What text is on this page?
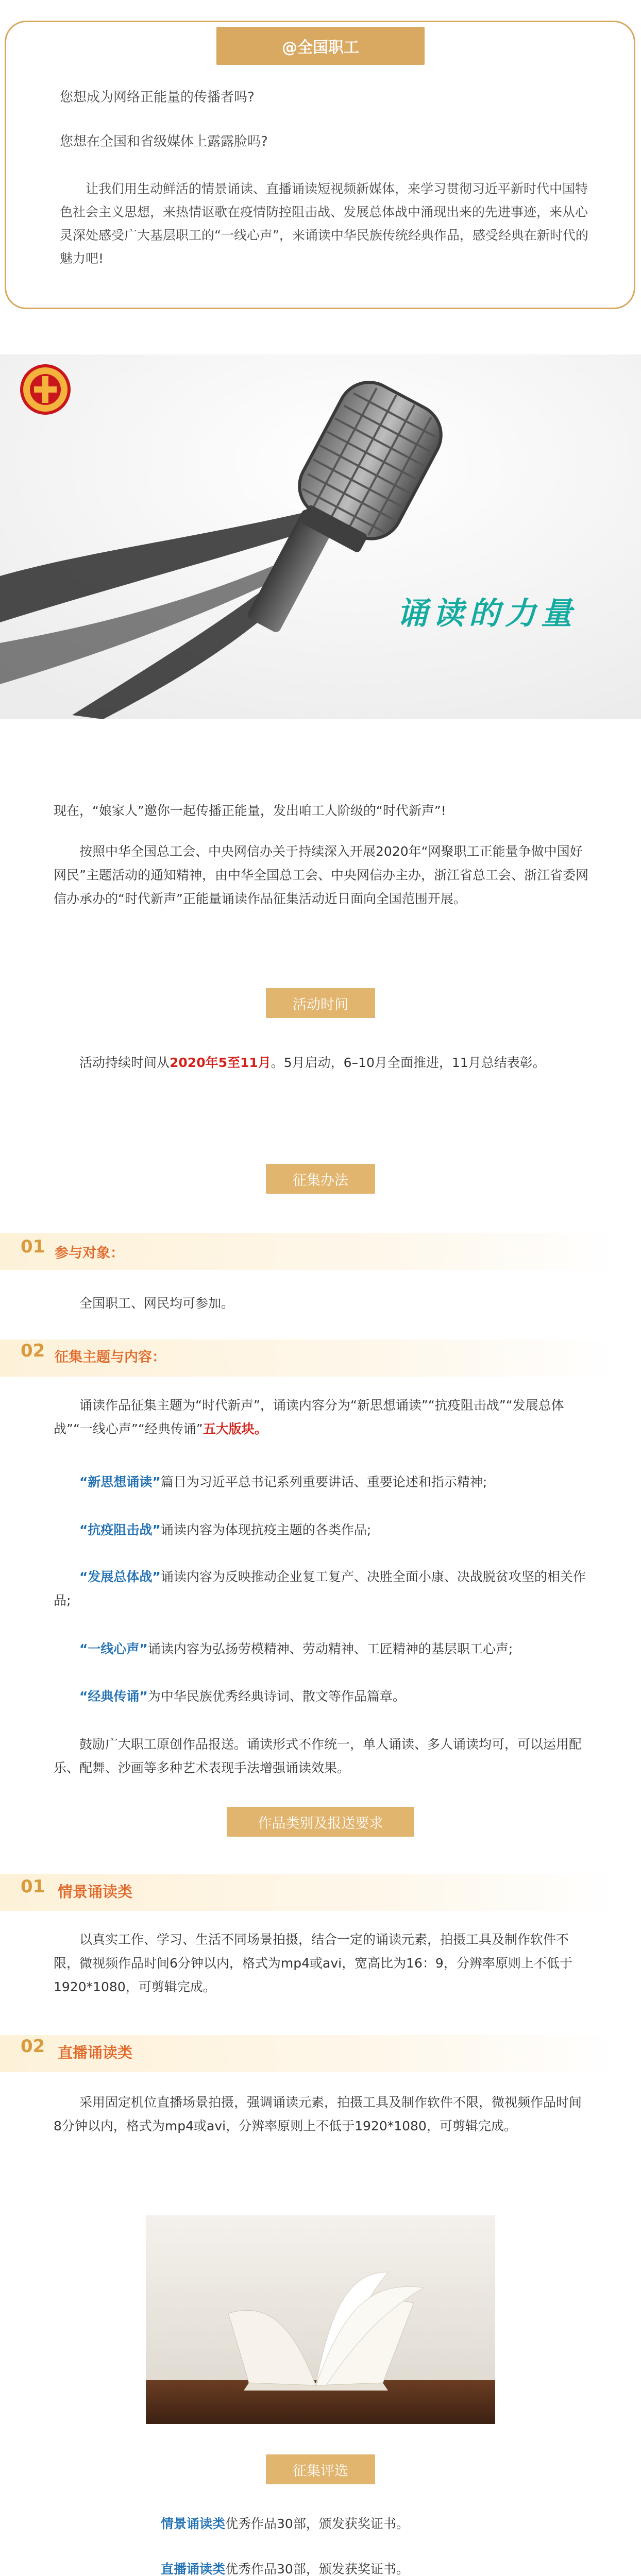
@全国职工
您想成为网络正能量的传播者吗?
您想在全国和省级媒体上露露脸吗?

让我们用生动鲜活的情景诵读、直播诵读短视频新媒体，来学习贯彻习近平新时代中国特色社会主义思想，来热情讴歌在疫情防控阻击战、发展总体战中涌现出来的先进事迹，来从心灵深处感受广大基层职工的“一线心声”，来诵读中华民族传统经典作品，感受经典在新时代的魅力吧!

诵读的力量

现在，“娘家人”邀你一起传播正能量，发出咱工人阶级的“时代新声”!

按照中华全国总工会、中央网信办关于持续深入开展2020年“网聚职工正能量争做中国好网民”主题活动的通知精神，由中华全国总工会、中央网信办主办，浙江省总工会、浙江省委网信办承办的“时代新声”正能量诵读作品征集活动近日面向全国范围开展。

活动时间

活动持续时间从2020年5至11月。5月启动，6–10月全面推进，11月总结表彰。

征集办法
01 参与对象：

全国职工、网民均可参加。

02 征集主题与内容：

诵读作品征集主题为“时代新声”，诵读内容分为“新思想诵读”“抗疫阻击战”“发展总体战”“一线心声”“经典传诵”五大版块。

“新思想诵读”篇目为习近平总书记系列重要讲话、重要论述和指示精神;

“抗疫阻击战”诵读内容为体现抗疫主题的各类作品;

“发展总体战”诵读内容为反映推动企业复工复产、决胜全面小康、决战脱贫攻坚的相关作品;

“一线心声”诵读内容为弘扬劳模精神、劳动精神、工匠精神的基层职工心声;

“经典传诵”为中华民族优秀经典诗词、散文等作品篇章。

鼓励广大职工原创作品报送。诵读形式不作统一，单人诵读、多人诵读均可，可以运用配乐、配舞、沙画等多种艺术表现手法增强诵读效果。

作品类别及报送要求
01 情景诵读类

以真实工作、学习、生活不同场景拍摄，结合一定的诵读元素，拍摄工具及制作软件不限，微视频作品时间6分钟以内，格式为mp4或avi，宽高比为16：9，分辨率原则上不低于1920*1080，可剪辑完成。

02 直播诵读类

采用固定机位直播场景拍摄，强调诵读元素，拍摄工具及制作软件不限，微视频作品时间8分钟以内，格式为mp4或avi，分辨率原则上不低于1920*1080，可剪辑完成。

征集评选
情景诵读类优秀作品30部，颁发获奖证书。
直播诵读类优秀作品30部，颁发获奖证书。
